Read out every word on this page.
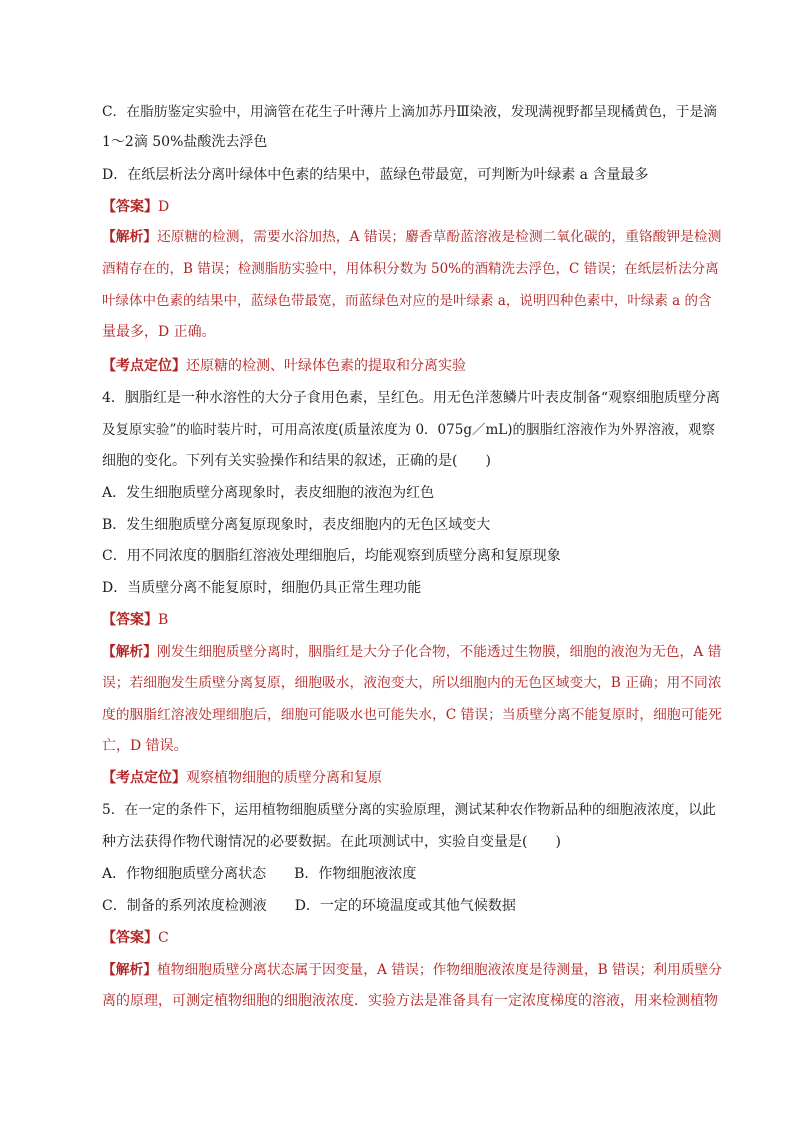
C．在脂肪鉴定实验中，用滴管在花生子叶薄片上滴加苏丹Ⅲ染液，发现满视野都呈现橘黄色，于是滴
1～2滴 50%盐酸洗去浮色
D．在纸层析法分离叶绿体中色素的结果中，蓝绿色带最宽，可判断为叶绿素 a 含量最多
【答案】D
【解析】还原糖的检测，需要水浴加热，A 错误；麝香草酚蓝溶液是检测二氧化碳的，重铬酸钾是检测
酒精存在的，B 错误；检测脂肪实验中，用体积分数为 50%的酒精洗去浮色，C 错误；在纸层析法分离
叶绿体中色素的结果中，蓝绿色带最宽，而蓝绿色对应的是叶绿素 a，说明四种色素中，叶绿素 a 的含
量最多，D 正确。
【考点定位】还原糖的检测、叶绿体色素的提取和分离实验
4．胭脂红是一种水溶性的大分子食用色素，呈红色。用无色洋葱鳞片叶表皮制备“观察细胞质壁分离
及复原实验”的临时装片时，可用高浓度(质量浓度为 0．075g／mL)的胭脂红溶液作为外界溶液，观察
细胞的变化。下列有关实验操作和结果的叙述，正确的是(　　)
A．发生细胞质壁分离现象时，表皮细胞的液泡为红色
B．发生细胞质壁分离复原现象时，表皮细胞内的无色区域变大
C．用不同浓度的胭脂红溶液处理细胞后，均能观察到质壁分离和复原现象
D．当质壁分离不能复原时，细胞仍具正常生理功能
【答案】B
【解析】刚发生细胞质壁分离时，胭脂红是大分子化合物，不能透过生物膜，细胞的液泡为无色，A 错
误；若细胞发生质壁分离复原，细胞吸水，液泡变大，所以细胞内的无色区域变大，B 正确；用不同浓
度的胭脂红溶液处理细胞后，细胞可能吸水也可能失水，C 错误；当质壁分离不能复原时，细胞可能死
亡，D 错误。
【考点定位】观察植物细胞的质壁分离和复原
5．在一定的条件下，运用植物细胞质壁分离的实验原理，测试某种农作物新品种的细胞液浓度，以此
种方法获得作物代谢情况的必要数据。在此项测试中，实验自变量是(　　)
A．作物细胞质壁分离状态　　B．作物细胞液浓度
C．制备的系列浓度检测液　　D．一定的环境温度或其他气候数据
【答案】C
【解析】植物细胞质壁分离状态属于因变量，A 错误；作物细胞液浓度是待测量，B 错误；利用质壁分
离的原理，可测定植物细胞的细胞液浓度．实验方法是准备具有一定浓度梯度的溶液，用来检测植物
